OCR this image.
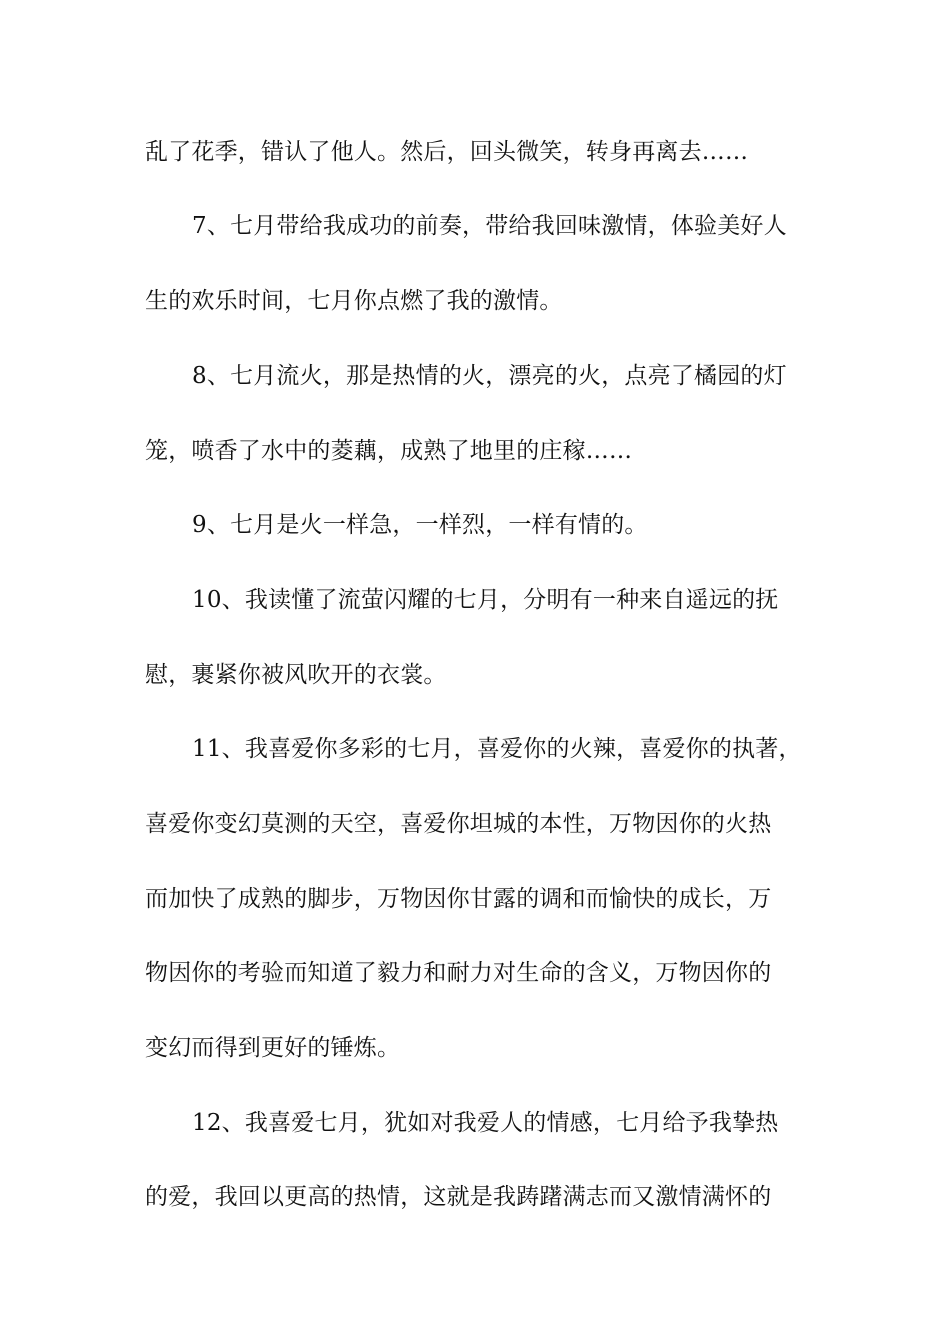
乱了花季，错认了他人。然后，回头微笑，转身再离去……
7、七月带给我成功的前奏，带给我回味激情，体验美好人
生的欢乐时间，七月你点燃了我的激情。
8、七月流火，那是热情的火，漂亮的火，点亮了橘园的灯
笼，喷香了水中的菱藕，成熟了地里的庄稼……
9、七月是火一样急，一样烈，一样有情的。
10、我读懂了流萤闪耀的七月，分明有一种来自遥远的抚
慰，裹紧你被风吹开的衣裳。
11、我喜爱你多彩的七月，喜爱你的火辣，喜爱你的执著，
喜爱你变幻莫测的天空，喜爱你坦城的本性，万物因你的火热
而加快了成熟的脚步，万物因你甘露的调和而愉快的成长，万
物因你的考验而知道了毅力和耐力对生命的含义，万物因你的
变幻而得到更好的锤炼。
12、我喜爱七月，犹如对我爱人的情感，七月给予我挚热
的爱，我回以更高的热情，这就是我踌躇满志而又激情满怀的
